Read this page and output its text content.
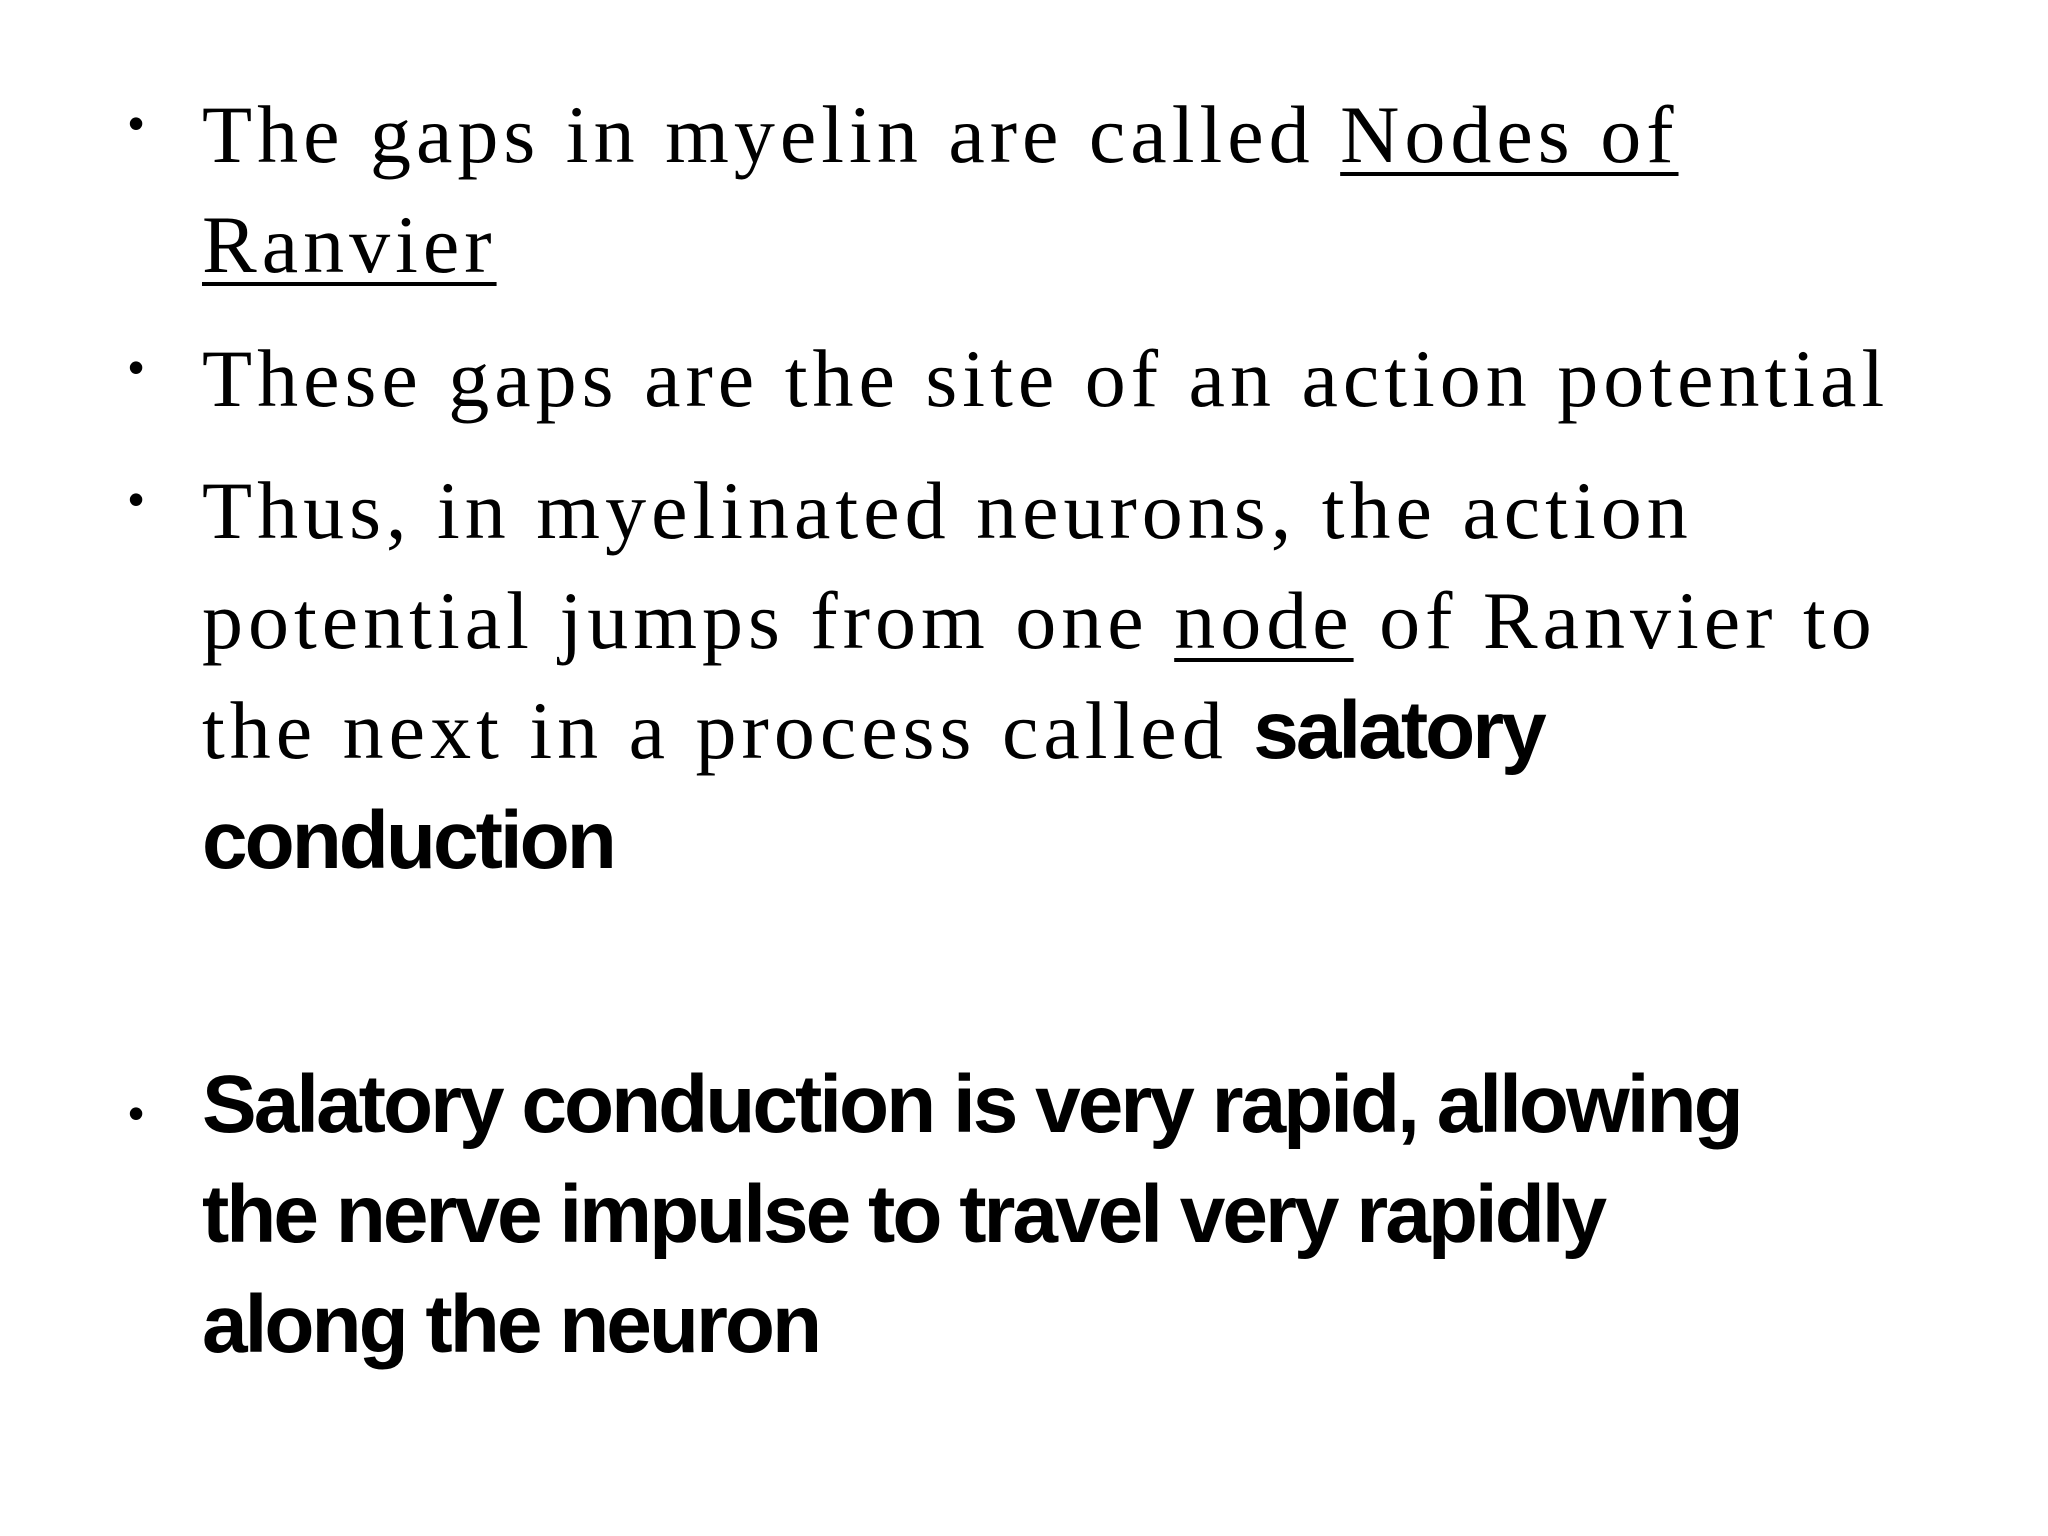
• The gaps in myelin are called Nodes of
Ranvier
• These gaps are the site of an action potential
• Thus, in myelinated neurons, the action
potential jumps from one node of Ranvier to
the next in a process called salatory
conduction
• Salatory conduction is very rapid, allowing
the nerve impulse to travel very rapidly
along the neuron
